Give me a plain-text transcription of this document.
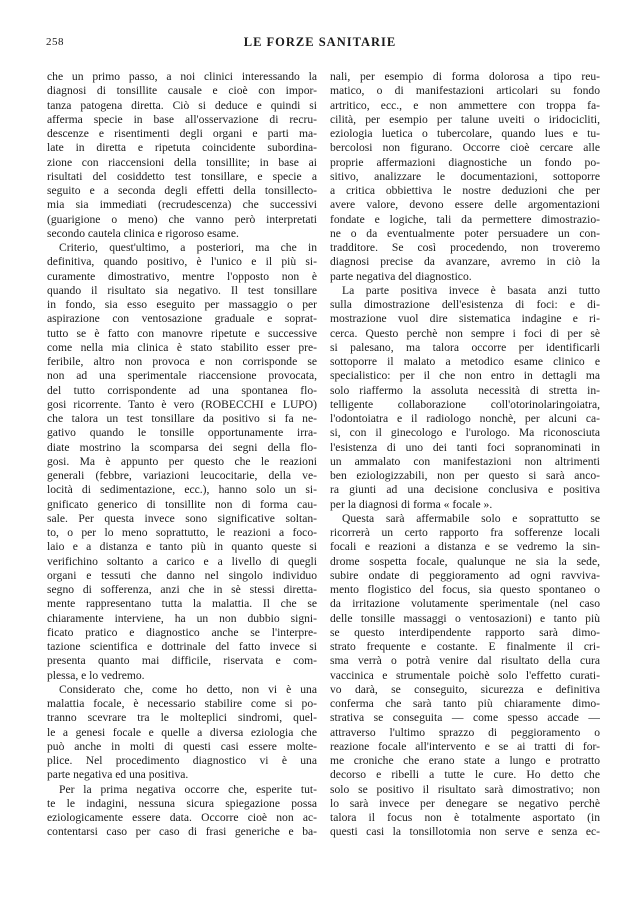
258	LE FORZE SANITARIE
che un primo passo, a noi clinici interessando la
diagnosi di tonsillite causale e cioè con impor-
tanza patogena diretta. Ciò si deduce e quindi si
afferma specie in base all'osservazione di recru-
descenze e risentimenti degli organi e parti ma-
late in diretta e ripetuta coincidente subordina-
zione con riaccensioni della tonsillite; in base ai
risultati del cosiddetto test tonsillare, e specie a
seguito e a seconda degli effetti della tonsillecto-
mia sia immediati (recrudescenza) che successivi
(guarigione o meno) che vanno però interpretati
secondo cautela clinica e rigoroso esame.
Criterio, quest'ultimo, a posteriori, ma che in
definitiva, quando positivo, è l'unico e il più si-
curamente dimostrativo, mentre l'opposto non è
quando il risultato sia negativo. Il test tonsillare
in fondo, sia esso eseguito per massaggio o per
aspirazione con ventosazione graduale e soprat-
tutto se è fatto con manovre ripetute e successive
come nella mia clinica è stato stabilito esser pre-
feribile, altro non provoca e non corrisponde se
non ad una sperimentale riaccensione provocata,
del tutto corrispondente ad una spontanea flo-
gosi ricorrente. Tanto è vero (ROBECCHI e LUPO)
che talora un test tonsillare da positivo si fa ne-
gativo quando le tonsille opportunamente irra-
diate mostrino la scomparsa dei segni della flo-
gosi. Ma è appunto per questo che le reazioni
generali (febbre, variazioni leucocitarie, della ve-
locità di sedimentazione, ecc.), hanno solo un si-
gnificato generico di tonsillite non di forma cau-
sale. Per questa invece sono significative soltan-
to, o per lo meno soprattutto, le reazioni a foco-
laio e a distanza e tanto più in quanto queste si
verifichino soltanto a carico e a livello di quegli
organi e tessuti che danno nel singolo individuo
segno di sofferenza, anzi che in sè stessi diretta-
mente rappresentano tutta la malattia. Il che se
chiaramente interviene, ha un non dubbio signi-
ficato pratico e diagnostico anche se l'interpre-
tazione scientifica e dottrinale del fatto invece si
presenta quanto mai difficile, riservata e com-
plessa, e lo vedremo.
Considerato che, come ho detto, non vi è una
malattia focale, è necessario stabilire come si po-
tranno scevrare tra le molteplici sindromi, quel-
le a genesi focale e quelle a diversa eziologia che
può anche in molti di questi casi essere molte-
plice. Nel procedimento diagnostico vi è una
parte negativa ed una positiva.
Per la prima negativa occorre che, esperite tut-
te le indagini, nessuna sicura spiegazione possa
eziologicamente essere data. Occorre cioè non ac-
contentarsi caso per caso di frasi generiche e ba-
nali, per esempio di forma dolorosa a tipo reu-
matico, o di manifestazioni articolari su fondo
artritico, ecc., e non ammettere con troppa fa-
cilità, per esempio per talune uveiti o iridocicliti,
eziologia luetica o tubercolare, quando lues e tu-
bercolosi non figurano. Occorre cioè cercare alle
proprie affermazioni diagnostiche un fondo po-
sitivo, analizzare le documentazioni, sottoporre
a critica obbiettiva le nostre deduzioni che per
avere valore, devono essere delle argomentazioni
fondate e logiche, tali da permettere dimostrazio-
ne o da eventualmente poter persuadere un con-
tradditore. Se così procedendo, non troveremo
diagnosi precise da avanzare, avremo in ciò la
parte negativa del diagnostico.
La parte positiva invece è basata anzi tutto
sulla dimostrazione dell'esistenza di foci: e di-
mostrazione vuol dire sistematica indagine e ri-
cerca. Questo perchè non sempre i foci di per sè
si palesano, ma talora occorre per identificarli
sottoporre il malato a metodico esame clinico e
specialistico: per il che non entro in dettagli ma
solo riaffermo la assoluta necessità di stretta in-
telligente collaborazione coll'otorinolaringoiatra,
l'odontoiatra e il radiologo nonchè, per alcuni ca-
si, con il ginecologo e l'urologo. Ma riconosciuta
l'esistenza di uno dei tanti foci sopranominati in
un ammalato con manifestazioni non altrimenti
ben eziologizzabili, non per questo si sarà anco-
ra giunti ad una decisione conclusiva e positiva
per la diagnosi di forma « focale ».
Questa sarà affermabile solo e soprattutto se
ricorrerà un certo rapporto fra sofferenze locali
focali e reazioni a distanza e se vedremo la sin-
drome sospetta focale, qualunque ne sia la sede,
subire ondate di peggioramento ad ogni ravviva-
mento flogistico del focus, sia questo spontaneo o
da irritazione volutamente sperimentale (nel caso
delle tonsille massaggi o ventosazioni) e tanto più
se questo interdipendente rapporto sarà dimo-
strato frequente e costante. E finalmente il cri-
sma verrà o potrà venire dal risultato della cura
vaccinica e strumentale poichè solo l'effetto curati-
vo darà, se conseguito, sicurezza e definitiva
conferma che sarà tanto più chiaramente dimo-
strativa se conseguita — come spesso accade —
attraverso l'ultimo sprazzo di peggioramento o
reazione focale all'intervento e se ai tratti di for-
me croniche che erano state a lungo e protratto
decorso e ribelli a tutte le cure. Ho detto che
solo se positivo il risultato sarà dimostrativo; non
lo sarà invece per denegare se negativo perchè
talora il focus non è totalmente asportato (in
questi casi la tonsillotomia non serve e senza ec-
